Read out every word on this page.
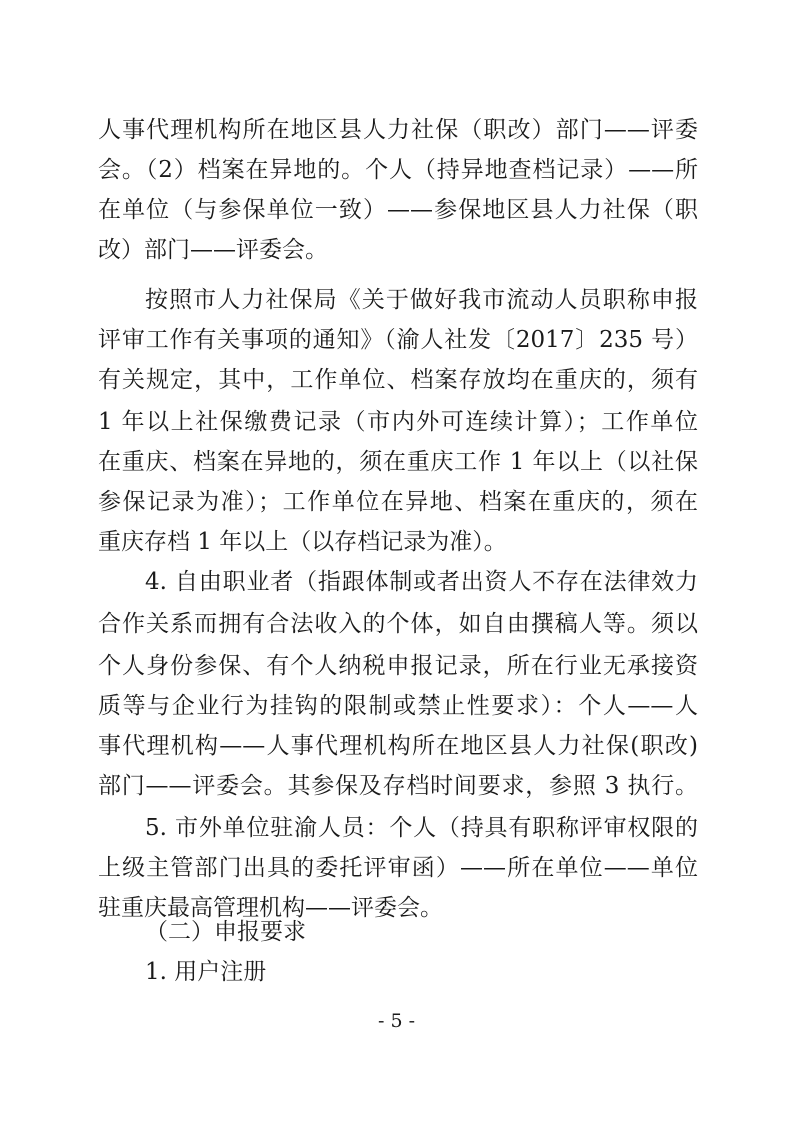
人事代理机构所在地区县人力社保（职改）部门——评委
会。（2）档案在异地的。个人（持异地查档记录）——所
在单位（与参保单位一致）——参保地区县人力社保（职
改）部门——评委会。
按照市人力社保局《关于做好我市流动人员职称申报
评审工作有关事项的通知》（渝人社发〔2017〕235 号）
有关规定，其中，工作单位、档案存放均在重庆的，须有
1 年以上社保缴费记录（市内外可连续计算）；工作单位
在重庆、档案在异地的，须在重庆工作 1 年以上（以社保
参保记录为准）；工作单位在异地、档案在重庆的，须在
重庆存档 1 年以上（以存档记录为准）。
4. 自由职业者（指跟体制或者出资人不存在法律效力
合作关系而拥有合法收入的个体，如自由撰稿人等。须以
个人身份参保、有个人纳税申报记录，所在行业无承接资
质等与企业行为挂钩的限制或禁止性要求）：个人——人
事代理机构——人事代理机构所在地区县人力社保(职改)
部门——评委会。其参保及存档时间要求，参照 3 执行。
5. 市外单位驻渝人员：个人（持具有职称评审权限的
上级主管部门出具的委托评审函）——所在单位——单位
驻重庆最高管理机构——评委会。
（二）申报要求
1. 用户注册
- 5 -
